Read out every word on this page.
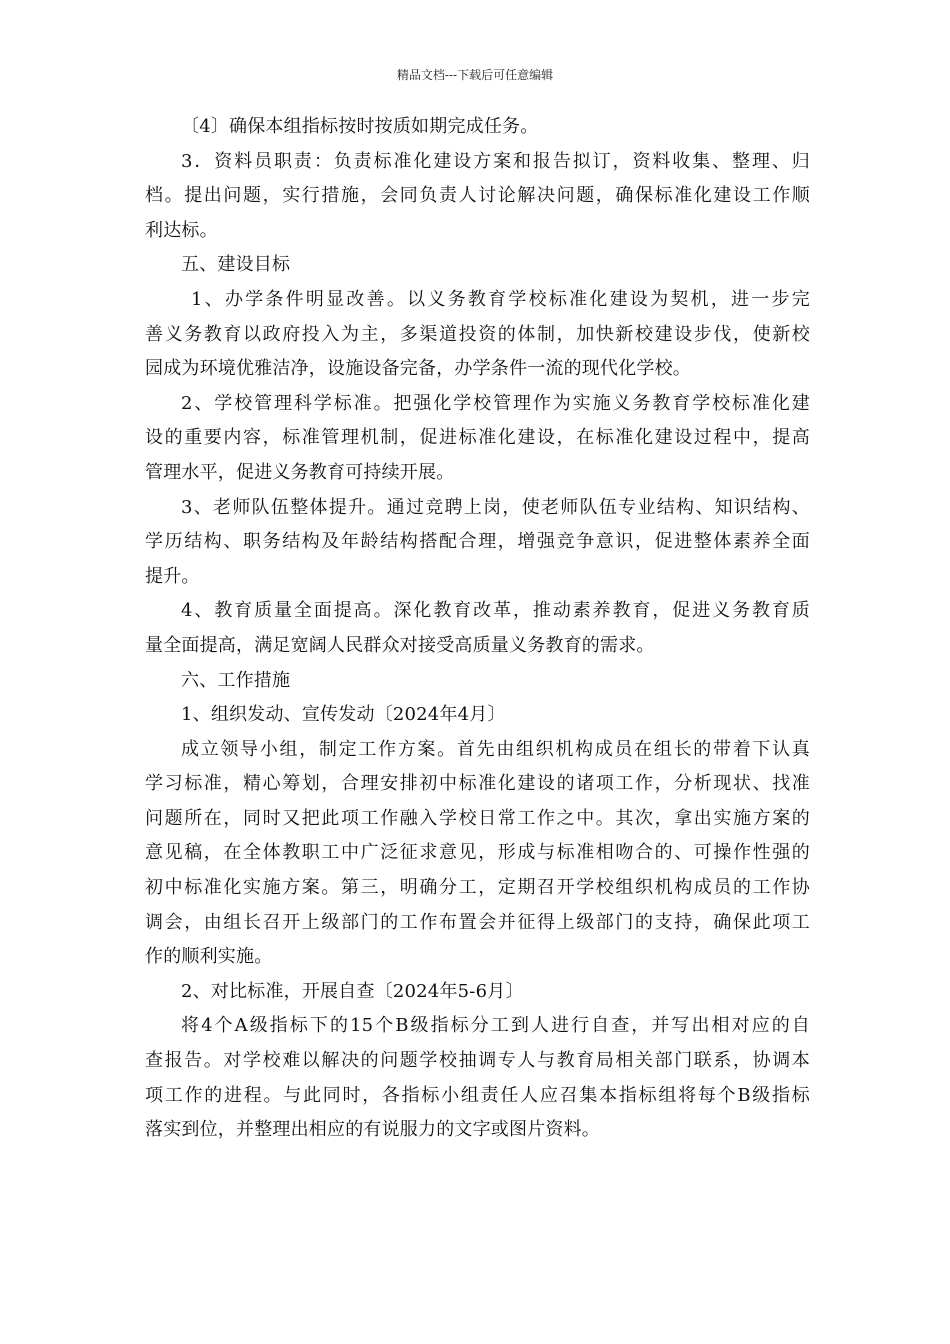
精品文档---下载后可任意编辑
〔4〕确保本组指标按时按质如期完成任务。
3．资料员职责：负责标准化建设方案和报告拟订，资料收集、整理、归
档。提出问题，实行措施，会同负责人讨论解决问题，确保标准化建设工作顺
利达标。
五、建设目标
1、办学条件明显改善。以义务教育学校标准化建设为契机，进一步完
善义务教育以政府投入为主，多渠道投资的体制，加快新校建设步伐，使新校
园成为环境优雅洁净，设施设备完备，办学条件一流的现代化学校。
2、学校管理科学标准。把强化学校管理作为实施义务教育学校标准化建
设的重要内容，标准管理机制，促进标准化建设，在标准化建设过程中，提高
管理水平，促进义务教育可持续开展。
3、老师队伍整体提升。通过竞聘上岗，使老师队伍专业结构、知识结构、
学历结构、职务结构及年龄结构搭配合理，增强竞争意识，促进整体素养全面
提升。
4、教育质量全面提高。深化教育改革，推动素养教育，促进义务教育质
量全面提高，满足宽阔人民群众对接受高质量义务教育的需求。
六、工作措施
1、组织发动、宣传发动〔2024年4月〕
成立领导小组，制定工作方案。首先由组织机构成员在组长的带着下认真
学习标准，精心筹划，合理安排初中标准化建设的诸项工作，分析现状、找准
问题所在，同时又把此项工作融入学校日常工作之中。其次，拿出实施方案的
意见稿，在全体教职工中广泛征求意见，形成与标准相吻合的、可操作性强的
初中标准化实施方案。第三，明确分工，定期召开学校组织机构成员的工作协
调会，由组长召开上级部门的工作布置会并征得上级部门的支持，确保此项工
作的顺利实施。
2、对比标准，开展自查〔2024年5-6月〕
将4个A级指标下的15个B级指标分工到人进行自查，并写出相对应的自
查报告。对学校难以解决的问题学校抽调专人与教育局相关部门联系，协调本
项工作的进程。与此同时，各指标小组责任人应召集本指标组将每个B级指标
落实到位，并整理出相应的有说服力的文字或图片资料。
